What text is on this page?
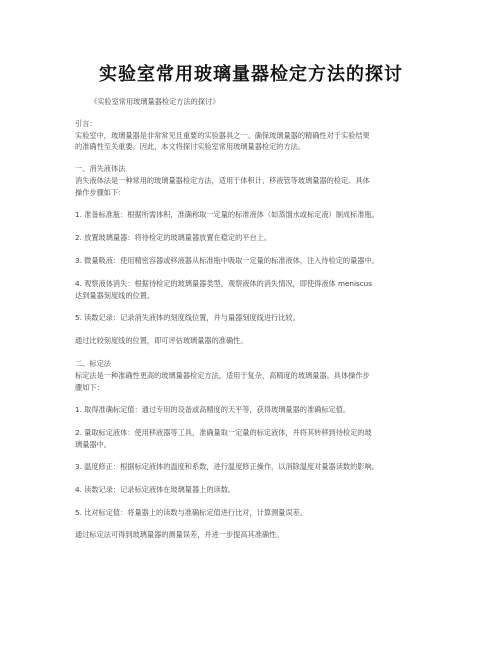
实验室常用玻璃量器检定方法的探讨
《实验室常用玻璃量器检定方法的探讨》
引言：
实验室中，玻璃量器是非常常见且重要的实验器具之一。确保玻璃量器的精确性对于实验结果
的准确性至关重要。因此，本文将探讨实验室常用玻璃量器检定的方法。
一、消失液体法
消失液体法是一种常用的玻璃量器检定方法，适用于体积计、移液管等玻璃量器的检定。具体
操作步骤如下：
1. 准备标准瓶：根据所需体积，准确称取一定量的标准液体（如蒸馏水或标定液）制成标准瓶。
2. 放置玻璃量器：将待检定的玻璃量器放置在稳定的平台上。
3. 微量吸液：使用精密容器或移液器从标准瓶中吸取一定量的标准液体，注入待检定的量器中。
4. 观察液体消失：根据待检定的玻璃量器类型，观察液体的消失情况，即使得液体 meniscus
达到量器刻度线的位置。
5. 读数记录：记录消失液体的刻度线位置，并与量器刻度线进行比较。
通过比较刻度线的位置，即可评估玻璃量器的准确性。
二、标定法
标定法是一种准确性更高的玻璃量器检定方法，适用于复杂、高精度的玻璃量器。具体操作步
骤如下：
1. 取得准确标定值：通过专用的设备或高精度的天平等，获得玻璃量器的准确标定值。
2. 量取标定液体：使用移液器等工具，准确量取一定量的标定液体，并将其转移到待检定的玻
璃量器中。
3. 温度修正：根据标定液体的温度和系数，进行温度修正操作，以消除温度对量器读数的影响。
4. 读数记录：记录标定液体在玻璃量器上的读数。
5. 比对标定值：将量器上的读数与准确标定值进行比对，计算测量误差。
通过标定法可得到玻璃量器的测量误差，并进一步提高其准确性。
